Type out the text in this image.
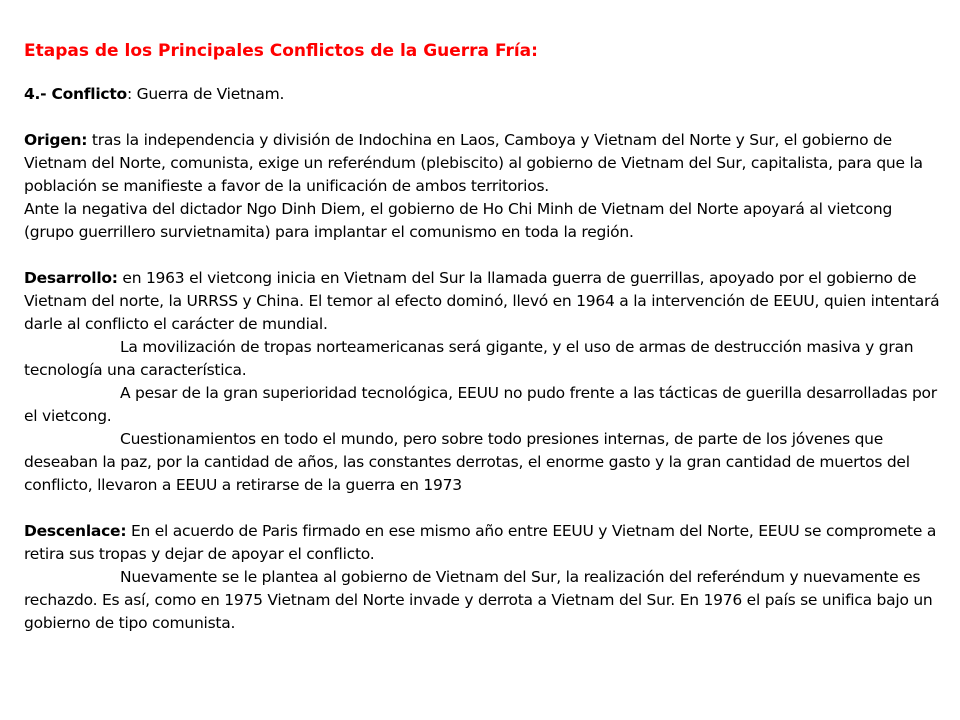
Etapas de los Principales Conflictos de la Guerra Fría:

4.- Conflicto: Guerra de Vietnam.

Origen: tras la independencia y división de Indochina en Laos, Camboya y Vietnam del Norte y Sur, el gobierno de Vietnam del Norte, comunista, exige un referéndum (plebiscito) al gobierno de Vietnam del Sur, capitalista, para que la población se manifieste a favor de la unificación de ambos territorios.

Ante la negativa del dictador Ngo Dinh Diem, el gobierno de Ho Chi Minh de Vietnam del Norte apoyará al vietcong (grupo guerrillero survietnamita) para implantar el comunismo en toda la región.

Desarrollo: en 1963 el vietcong inicia en Vietnam del Sur la llamada guerra de guerrillas, apoyado por el gobierno de Vietnam del norte, la URRSS y China. El temor al efecto dominó, llevó en 1964 a la intervención de EEUU, quien intentará darle al conflicto el carácter de mundial.

La movilización de tropas norteamericanas será gigante, y el uso de armas de destrucción masiva y gran tecnología una característica.

A pesar de la gran superioridad tecnológica, EEUU no pudo frente a las tácticas de guerilla desarrolladas por el vietcong.

Cuestionamientos en todo el mundo, pero sobre todo presiones internas, de parte de los jóvenes que deseaban la paz, por la cantidad de años, las constantes derrotas, el enorme gasto y la gran cantidad de muertos del conflicto, llevaron a EEUU a retirarse de la guerra en 1973

Descenlace: En el acuerdo de Paris firmado en ese mismo año entre EEUU y Vietnam del Norte, EEUU se compromete a retira sus tropas y dejar de apoyar el conflicto.

Nuevamente se le plantea al gobierno de Vietnam del Sur, la realización del referéndum y nuevamente es rechazdo. Es así, como en 1975 Vietnam del Norte invade y derrota a Vietnam del Sur. En 1976 el país se unifica bajo un gobierno de tipo comunista.
